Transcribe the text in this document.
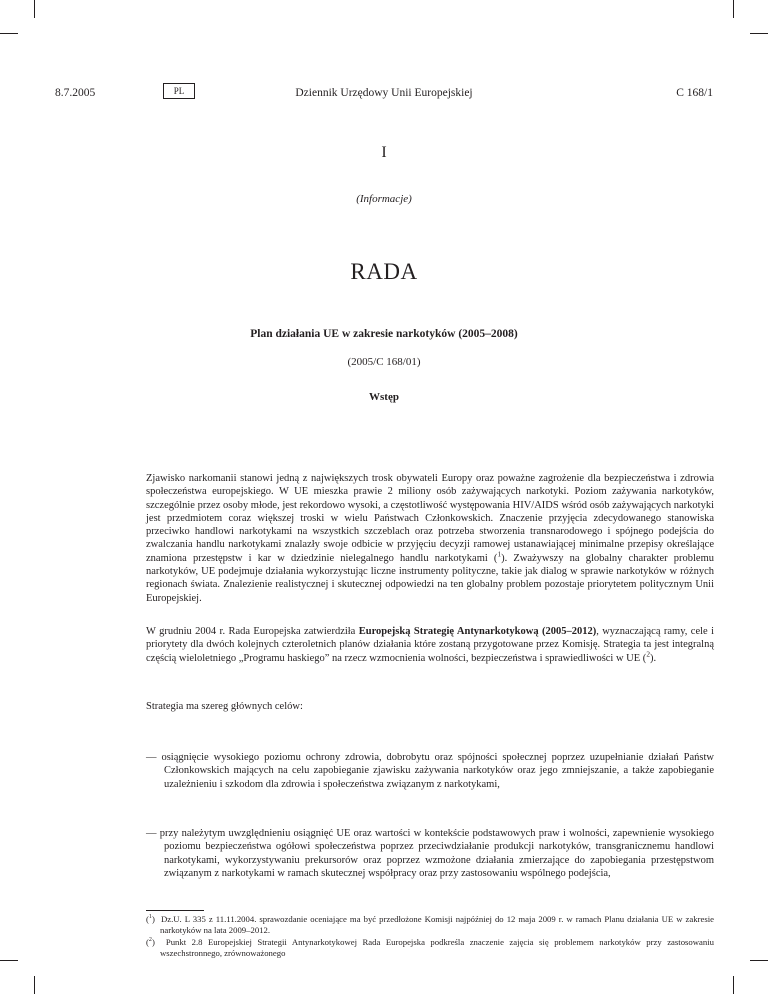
Dziennik Urzędowy Unii Europejskiej
8.7.2005	PL	C 168/1
I
(Informacje)
RADA
Plan działania UE w zakresie narkotyków (2005–2008)
(2005/C 168/01)
Wstęp

Zjawisko narkomanii stanowi jedną z największych trosk obywateli Europy oraz poważne zagrożenie dla bezpieczeństwa i zdrowia społeczeństwa europejskiego. W UE mieszka prawie 2 miliony osób zażywających narkotyki. Poziom zażywania narkotyków, szczególnie przez osoby młode, jest rekordowo wysoki, a częstotliwość występowania HIV/AIDS wśród osób zażywających narkotyki jest przedmiotem coraz większej troski w wielu Państwach Członkowskich. Znaczenie przyjęcia zdecydowanego stanowiska przeciwko handlowi narkotykami na wszystkich szczeblach oraz potrzeba stworzenia transnarodowego i spójnego podejścia do zwalczania handlu narkotykami znalazły swoje odbicie w przyjęciu decyzji ramowej ustanawiającej minimalne przepisy określające znamiona przestępstw i kar w dziedzinie nielegalnego handlu narkotykami ($^1$). Zważywszy na globalny charakter problemu narkotyków, UE podejmuje działania wykorzystując liczne instrumenty polityczne, takie jak dialog w sprawie narkotyków w różnych regionach świata. Znalezienie realistycznej i skutecznej odpowiedzi na ten globalny problem pozostaje priorytetem politycznym Unii Europejskiej.

W grudniu 2004 r. Rada Europejska zatwierdziła Europejską Strategię Antynarkotykową (2005–2012), wyznaczającą ramy, cele i priorytety dla dwóch kolejnych czteroletnich planów działania które zostaną przygotowane przez Komisję. Strategia ta jest integralną częścią wieloletniego „Programu haskiego” na rzecz wzmocnienia wolności, bezpieczeństwa i sprawiedliwości w UE ($^2$).

Strategia ma szereg głównych celów:

— osiągnięcie wysokiego poziomu ochrony zdrowia, dobrobytu oraz spójności społecznej poprzez uzupełnianie działań Państw Członkowskich mających na celu zapobieganie zjawisku zażywania narkotyków oraz jego zmniejszanie, a także zapobieganie uzależnieniu i szkodom dla zdrowia i społeczeństwa związanym z narkotykami,

— przy należytym uwzględnieniu osiągnięć UE oraz wartości w kontekście podstawowych praw i wolności, zapewnienie wysokiego poziomu bezpieczeństwa ogółowi społeczeństwa poprzez przeciwdziałanie produkcji narkotyków, transgranicznemu handlowi narkotykami, wykorzystywaniu prekursorów oraz poprzez wzmożone działania zmierzające do zapobiegania przestępstwom związanym z narkotykami w ramach skutecznej współpracy oraz przy zastosowaniu wspólnego podejścia,

($^1$)  Dz.U. L 335 z 11.11.2004. sprawozdanie oceniające ma być przedłożone Komisji najpóźniej do 12 maja 2009 r. w ramach Planu działania UE w zakresie narkotyków na lata 2009–2012.

($^2$)  Punkt 2.8 Europejskiej Strategii Antynarkotykowej Rada Europejska podkreśla znaczenie zajęcia się problemem narkotyków przy zastosowaniu wszechstronnego, zrównoważonego
